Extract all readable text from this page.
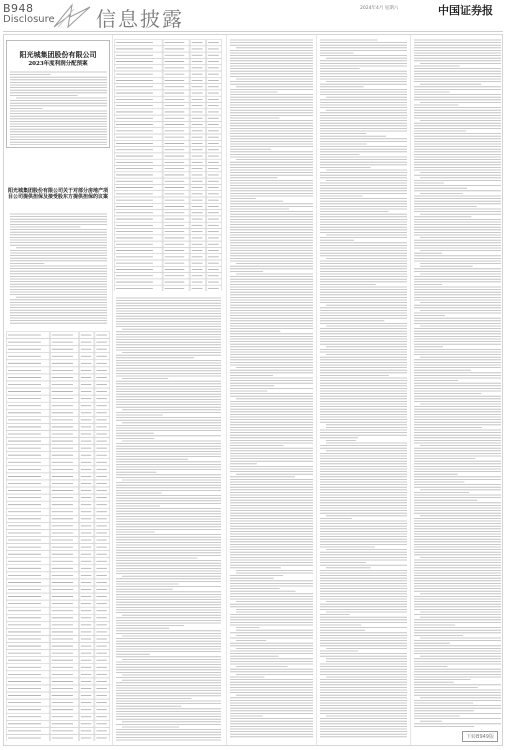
B948
Disclosure 信息披露	2024年4月 星期六	中国证券报
阳光城集团股份有限公司
2023年度利润分配预案
阳光城集团股份有限公司关于对部分房地产项目公司提供担保及接受股东方提供担保的议案
下转B949版
